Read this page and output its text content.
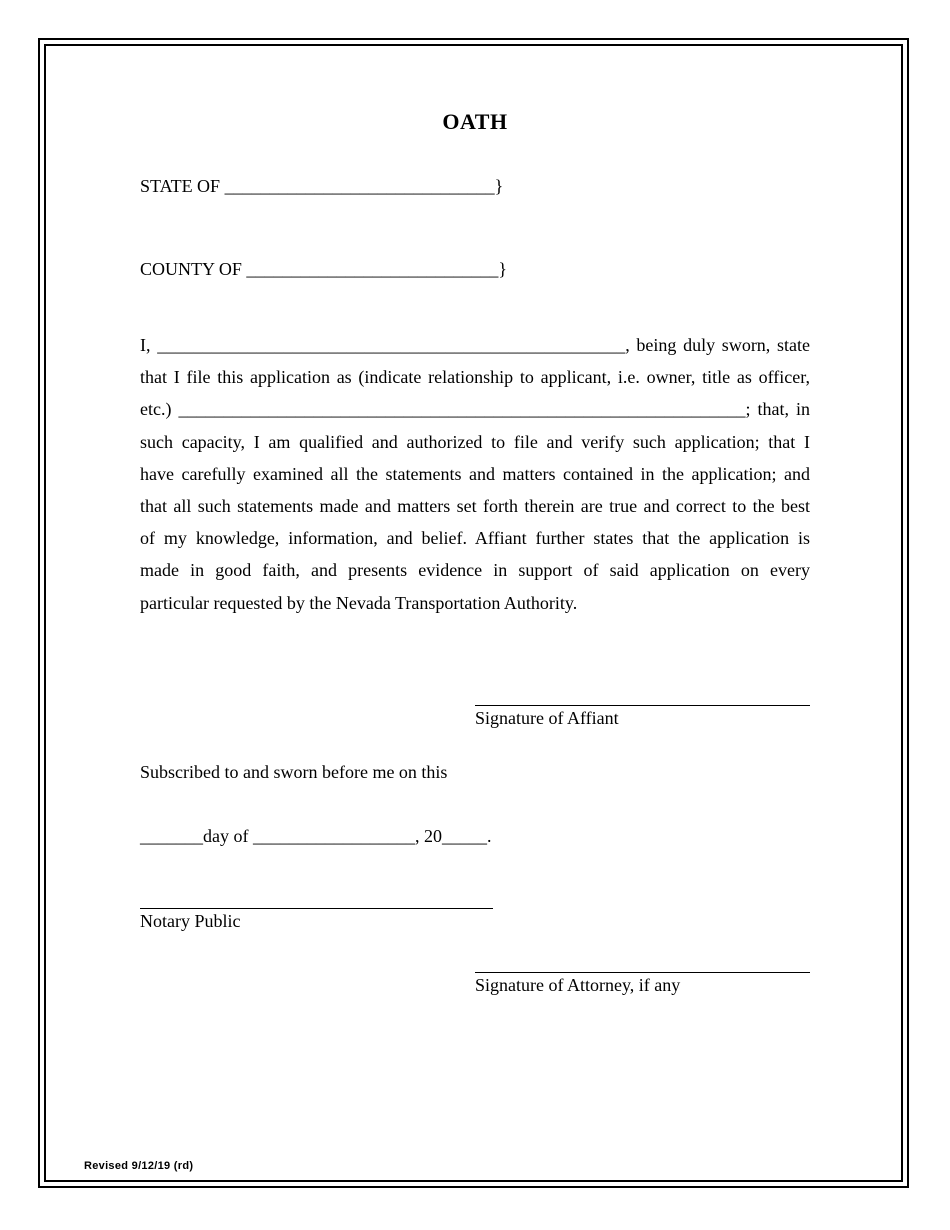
OATH
STATE OF ______________________________}
COUNTY OF ____________________________}

I, ____________________________________________________, being duly sworn, state

that I file this application as (indicate relationship to applicant, i.e. owner, title as officer,

etc.) _______________________________________________________________; that, in

such capacity, I am qualified and authorized to file and verify such application; that I

have carefully examined all the statements and matters contained in the application; and

that all such statements made and matters set forth therein are true and correct to the best

of my knowledge, information, and belief. Affiant further states that the application is

made in good faith, and presents evidence in support of said application on every

particular requested by the Nevada Transportation Authority.

Signature of Affiant
Subscribed to and sworn before me on this
_______day of __________________, 20_____.
Notary Public
Signature of Attorney, if any
Revised 9/12/19 (rd)
